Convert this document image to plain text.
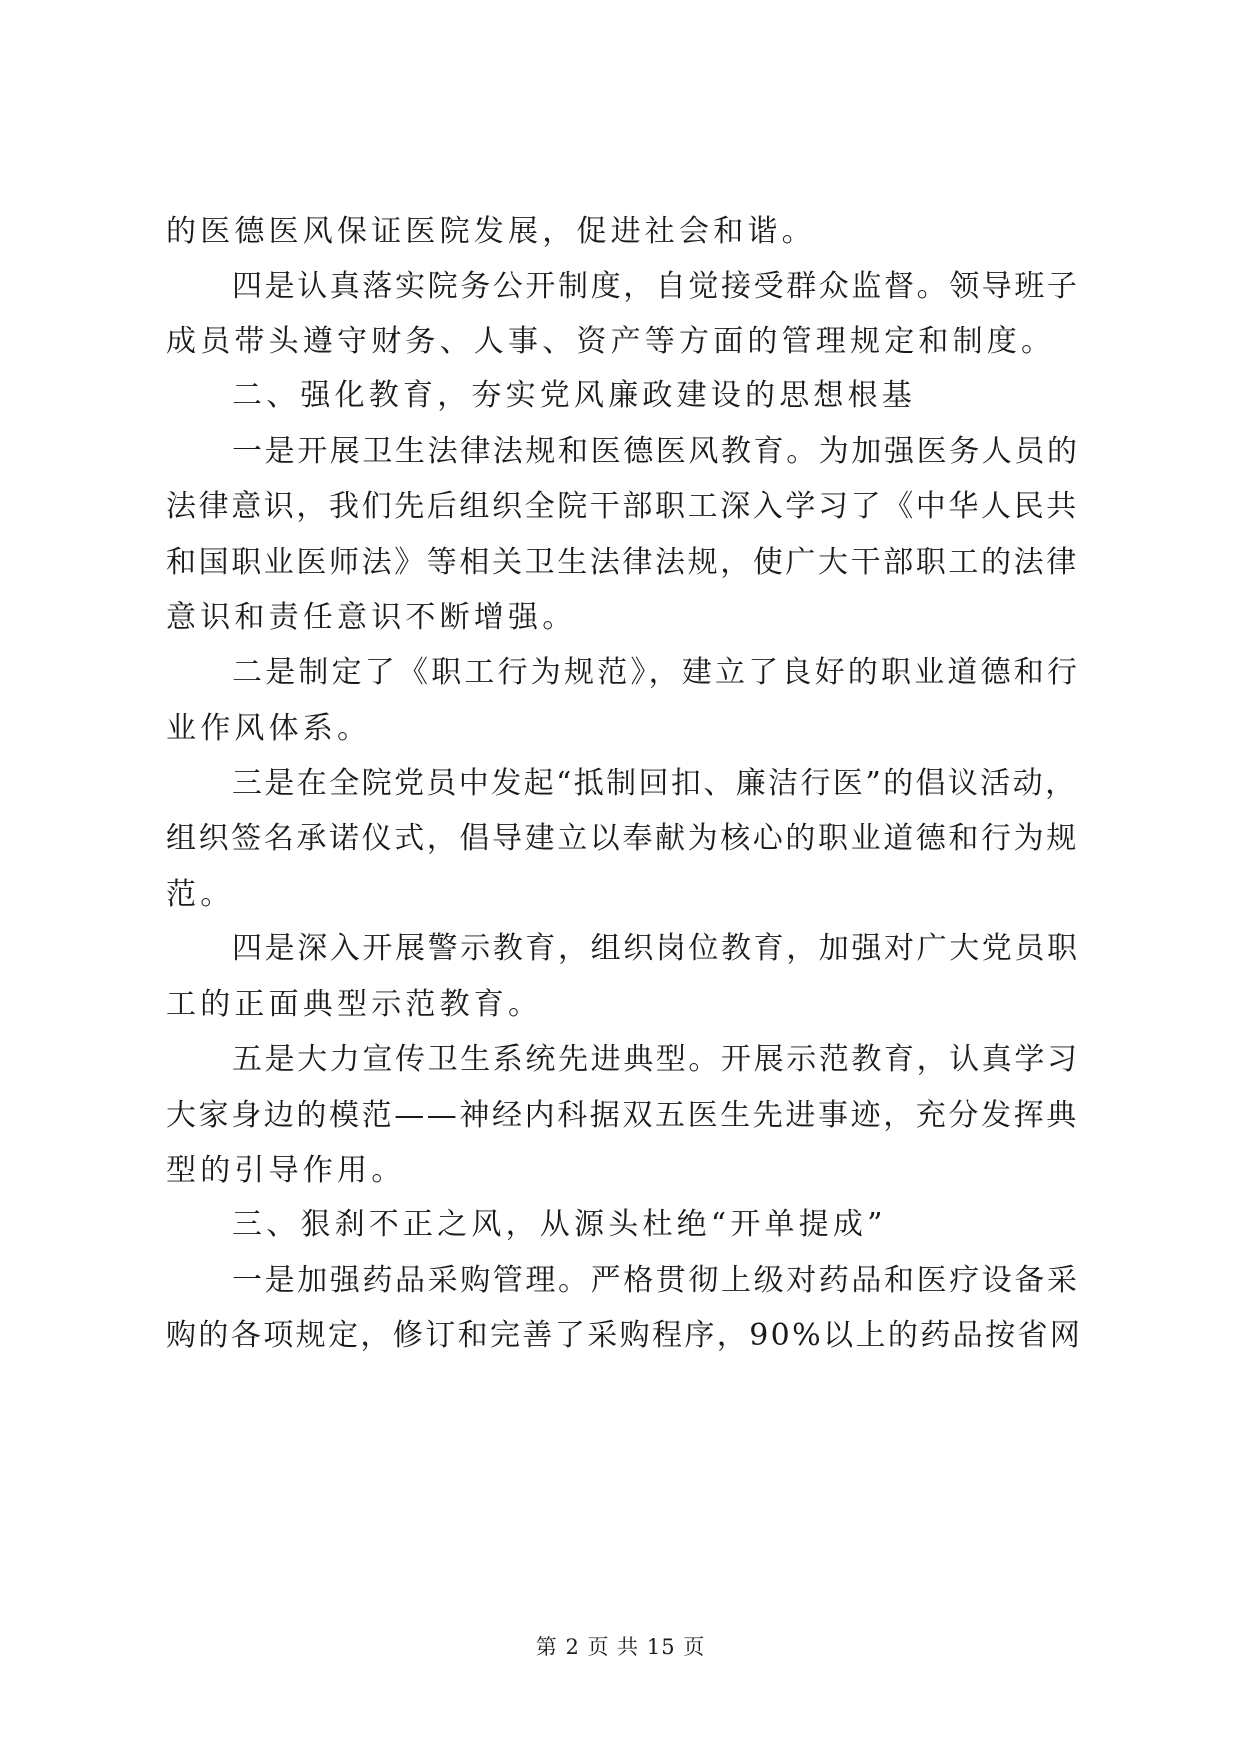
的医德医风保证医院发展，促进社会和谐。
四是认真落实院务公开制度，自觉接受群众监督。领导班子
成员带头遵守财务、人事、资产等方面的管理规定和制度。
二、强化教育，夯实党风廉政建设的思想根基
一是开展卫生法律法规和医德医风教育。为加强医务人员的
法律意识，我们先后组织全院干部职工深入学习了《中华人民共
和国职业医师法》等相关卫生法律法规，使广大干部职工的法律
意识和责任意识不断增强。
二是制定了《职工行为规范》，建立了良好的职业道德和行
业作风体系。
三是在全院党员中发起“抵制回扣、廉洁行医”的倡议活动，
组织签名承诺仪式，倡导建立以奉献为核心的职业道德和行为规
范。
四是深入开展警示教育，组织岗位教育，加强对广大党员职
工的正面典型示范教育。
五是大力宣传卫生系统先进典型。开展示范教育，认真学习
大家身边的模范——神经内科据双五医生先进事迹，充分发挥典
型的引导作用。
三、狠刹不正之风，从源头杜绝“开单提成”
一是加强药品采购管理。严格贯彻上级对药品和医疗设备采
购的各项规定，修订和完善了采购程序，90%以上的药品按省网
第 2 页 共 15 页
